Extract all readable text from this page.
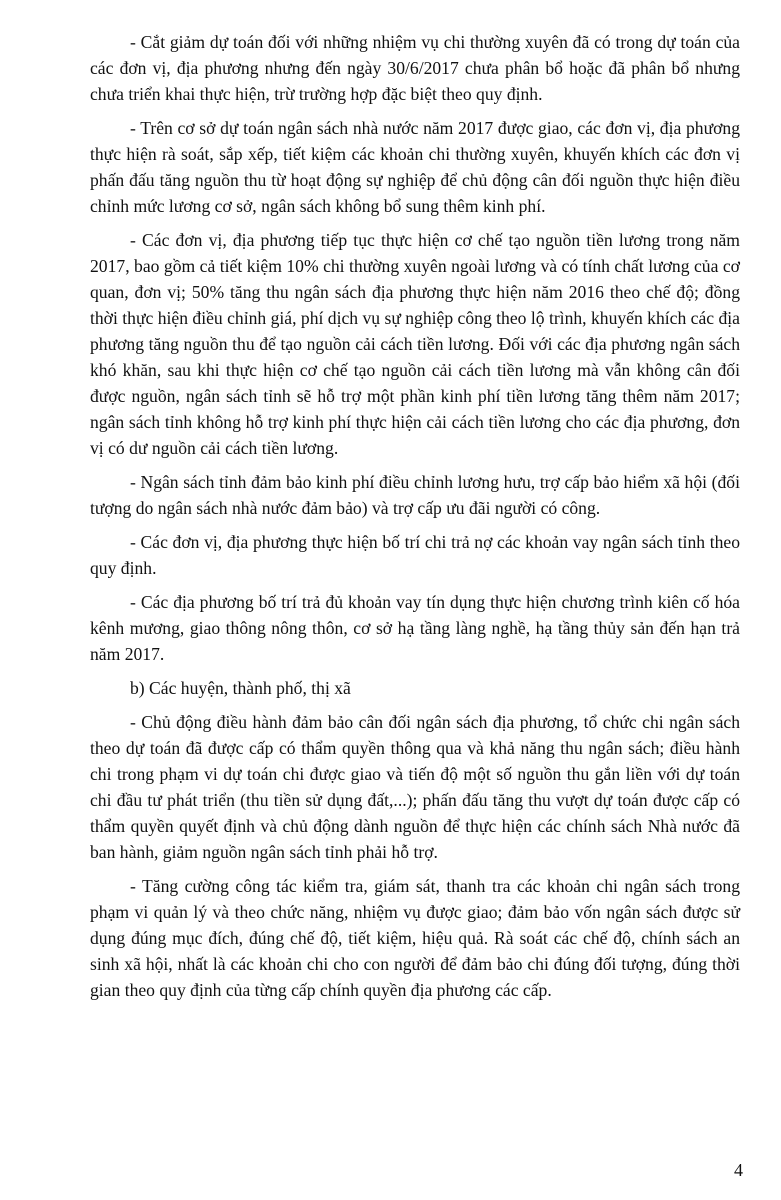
- Cắt giảm dự toán đối với những nhiệm vụ chi thường xuyên đã có trong dự toán của các đơn vị, địa phương nhưng đến ngày 30/6/2017 chưa phân bổ hoặc đã phân bổ nhưng chưa triển khai thực hiện, trừ trường hợp đặc biệt theo quy định.

- Trên cơ sở dự toán ngân sách nhà nước năm 2017 được giao, các đơn vị, địa phương thực hiện rà soát, sắp xếp, tiết kiệm các khoản chi thường xuyên, khuyến khích các đơn vị phấn đấu tăng nguồn thu từ hoạt động sự nghiệp để chủ động cân đối nguồn thực hiện điều chỉnh mức lương cơ sở, ngân sách không bổ sung thêm kinh phí.

- Các đơn vị, địa phương tiếp tục thực hiện cơ chế tạo nguồn tiền lương trong năm 2017, bao gồm cả tiết kiệm 10% chi thường xuyên ngoài lương và có tính chất lương của cơ quan, đơn vị; 50% tăng thu ngân sách địa phương thực hiện năm 2016 theo chế độ; đồng thời thực hiện điều chỉnh giá, phí dịch vụ sự nghiệp công theo lộ trình, khuyến khích các địa phương tăng nguồn thu để tạo nguồn cải cách tiền lương. Đối với các địa phương ngân sách khó khăn, sau khi thực hiện cơ chế tạo nguồn cải cách tiền lương mà vẫn không cân đối được nguồn, ngân sách tỉnh sẽ hỗ trợ một phần kinh phí tiền lương tăng thêm năm 2017; ngân sách tỉnh không hỗ trợ kinh phí thực hiện cải cách tiền lương cho các địa phương, đơn vị có dư nguồn cải cách tiền lương.

- Ngân sách tỉnh đảm bảo kinh phí điều chỉnh lương hưu, trợ cấp bảo hiểm xã hội (đối tượng do ngân sách nhà nước đảm bảo) và trợ cấp ưu đãi người có công.

- Các đơn vị, địa phương thực hiện bố trí chi trả nợ các khoản vay ngân sách tỉnh theo quy định.

- Các địa phương bố trí trả đủ khoản vay tín dụng thực hiện chương trình kiên cố hóa kênh mương, giao thông nông thôn, cơ sở hạ tầng làng nghề, hạ tầng thủy sản đến hạn trả năm 2017.

b) Các huyện, thành phố, thị xã

- Chủ động điều hành đảm bảo cân đối ngân sách địa phương, tổ chức chi ngân sách theo dự toán đã được cấp có thẩm quyền thông qua và khả năng thu ngân sách; điều hành chi trong phạm vi dự toán chi được giao và tiến độ một số nguồn thu gắn liền với dự toán chi đầu tư phát triển (thu tiền sử dụng đất,...); phấn đấu tăng thu vượt dự toán được cấp có thẩm quyền quyết định và chủ động dành nguồn để thực hiện các chính sách Nhà nước đã ban hành, giảm nguồn ngân sách tỉnh phải hỗ trợ.

- Tăng cường công tác kiểm tra, giám sát, thanh tra các khoản chi ngân sách trong phạm vi quản lý và theo chức năng, nhiệm vụ được giao; đảm bảo vốn ngân sách được sử dụng đúng mục đích, đúng chế độ, tiết kiệm, hiệu quả. Rà soát các chế độ, chính sách an sinh xã hội, nhất là các khoản chi cho con người để đảm bảo chi đúng đối tượng, đúng thời gian theo quy định của từng cấp chính quyền địa phương các cấp.

4
